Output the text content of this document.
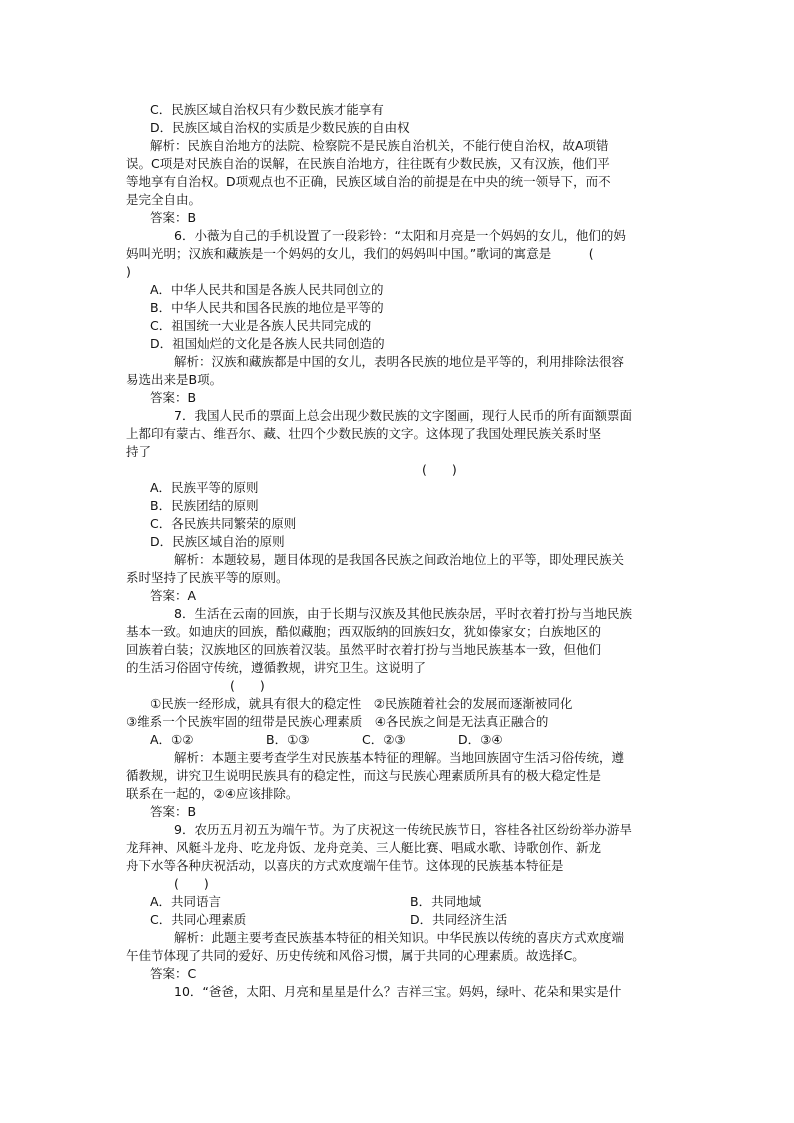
C．民族区域自治权只有少数民族才能享有
D．民族区域自治权的实质是少数民族的自由权
解析：民族自治地方的法院、检察院不是民族自治机关，不能行使自治权，故A项错
误。C项是对民族自治的误解，在民族自治地方，往往既有少数民族，又有汉族，他们平
等地享有自治权。D项观点也不正确，民族区域自治的前提是在中央的统一领导下，而不
是完全自由。
答案：B
6．小薇为自己的手机设置了一段彩铃：“太阳和月亮是一个妈妈的女儿，他们的妈
妈叫光明；汉族和藏族是一个妈妈的女儿，我们的妈妈叫中国。”歌词的寓意是　　　(
)
A．中华人民共和国是各族人民共同创立的
B．中华人民共和国各民族的地位是平等的
C．祖国统一大业是各族人民共同完成的
D．祖国灿烂的文化是各族人民共同创造的
解析：汉族和藏族都是中国的女儿，表明各民族的地位是平等的，利用排除法很容
易选出来是B项。
答案：B
7．我国人民币的票面上总会出现少数民族的文字图画，现行人民币的所有面额票面
上都印有蒙古、维吾尔、藏、壮四个少数民族的文字。这体现了我国处理民族关系时坚
持了
(　　)
A．民族平等的原则
B．民族团结的原则
C．各民族共同繁荣的原则
D．民族区域自治的原则
解析：本题较易，题目体现的是我国各民族之间政治地位上的平等，即处理民族关
系时坚持了民族平等的原则。
答案：A
8．生活在云南的回族，由于长期与汉族及其他民族杂居，平时衣着打扮与当地民族
基本一致。如迪庆的回族，酷似藏胞；西双版纳的回族妇女，犹如傣家女；白族地区的
回族着白装；汉族地区的回族着汉装。虽然平时衣着打扮与当地民族基本一致，但他们
的生活习俗固守传统，遵循教规，讲究卫生。这说明了
(　　)
①民族一经形成，就具有很大的稳定性　②民族随着社会的发展而逐渐被同化
③维系一个民族牢固的纽带是民族心理素质　④各民族之间是无法真正融合的
A．①②	B．①③	C．②③	D．③④
解析：本题主要考查学生对民族基本特征的理解。当地回族固守生活习俗传统，遵
循教规，讲究卫生说明民族具有的稳定性，而这与民族心理素质所具有的极大稳定性是
联系在一起的，②④应该排除。
答案：B
9．农历五月初五为端午节。为了庆祝这一传统民族节日，容桂各社区纷纷举办游旱
龙拜神、风艇斗龙舟、吃龙舟饭、龙舟竞美、三人艇比赛、唱咸水歌、诗歌创作、新龙
舟下水等各种庆祝活动，以喜庆的方式欢度端午佳节。这体现的民族基本特征是
(　　)
A．共同语言	B．共同地域
C．共同心理素质	D．共同经济生活
解析：此题主要考查民族基本特征的相关知识。中华民族以传统的喜庆方式欢度端
午佳节体现了共同的爱好、历史传统和风俗习惯，属于共同的心理素质。故选择C。
答案：C
10．“爸爸，太阳、月亮和星星是什么？吉祥三宝。妈妈，绿叶、花朵和果实是什
